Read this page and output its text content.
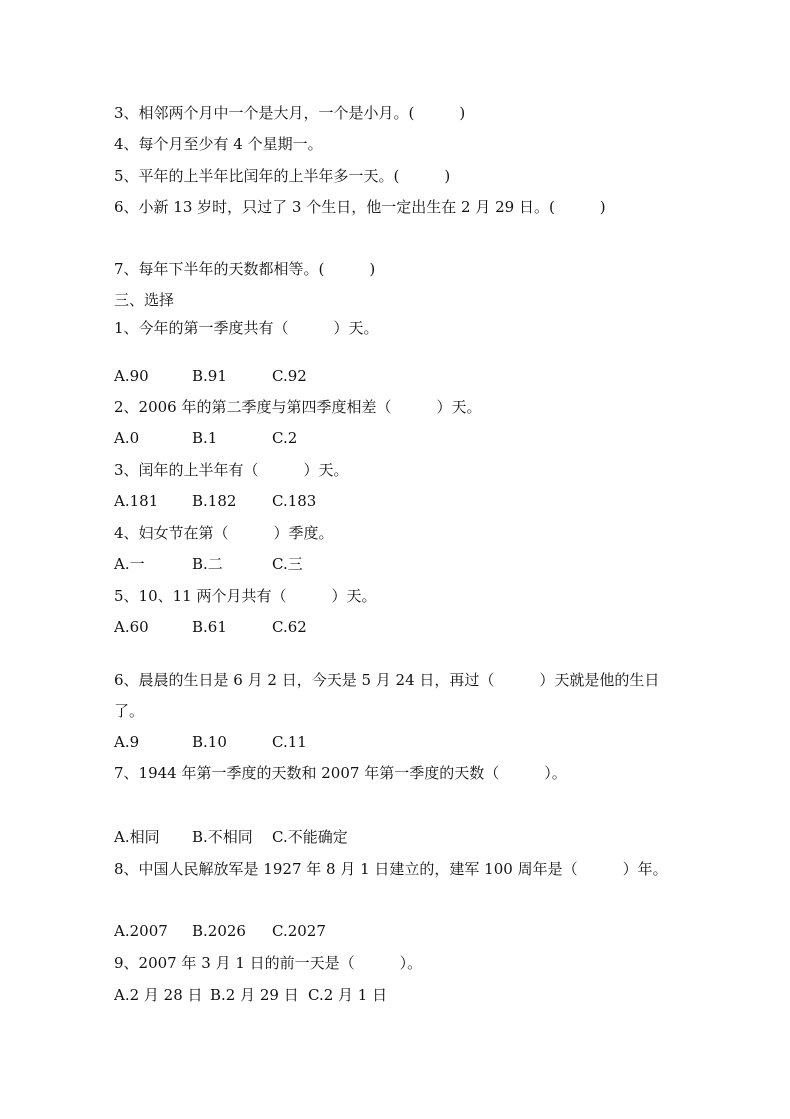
3、相邻两个月中一个是大月，一个是小月。(　　　)

4、每个月至少有 4 个星期一。

5、平年的上半年比闰年的上半年多一天。(　　　)

6、小新 13 岁时，只过了 3 个生日，他一定出生在 2 月 29 日。(　　　)

7、每年下半年的天数都相等。(　　　)

三、选择

1、今年的第一季度共有（　　　）天。

A.90	B.91	C.92

2、2006 年的第二季度与第四季度相差（　　　）天。

A.0	B.1	C.2

3、闰年的上半年有（　　　）天。

A.181 B.182 C.183

4、妇女节在第（　　　）季度。

A.一	B.二	C.三

5、10、11 两个月共有（　　　）天。

A.60	B.61	C.62

6、晨晨的生日是 6 月 2 日，今天是 5 月 24 日，再过（　　　）天就是他的生日

了。

A.9	B.10	C.11

7、1944 年第一季度的天数和 2007 年第一季度的天数（　　　）。

A.相同 B.不相同 C.不能确定

8、中国人民解放军是 1927 年 8 月 1 日建立的，建军 100 周年是（　　　）年。

A.2007 B.2026 C.2027

9、2007 年 3 月 1 日的前一天是（　　　）。

A.2 月 28 日 B.2 月 29 日 C.2 月 1 日
